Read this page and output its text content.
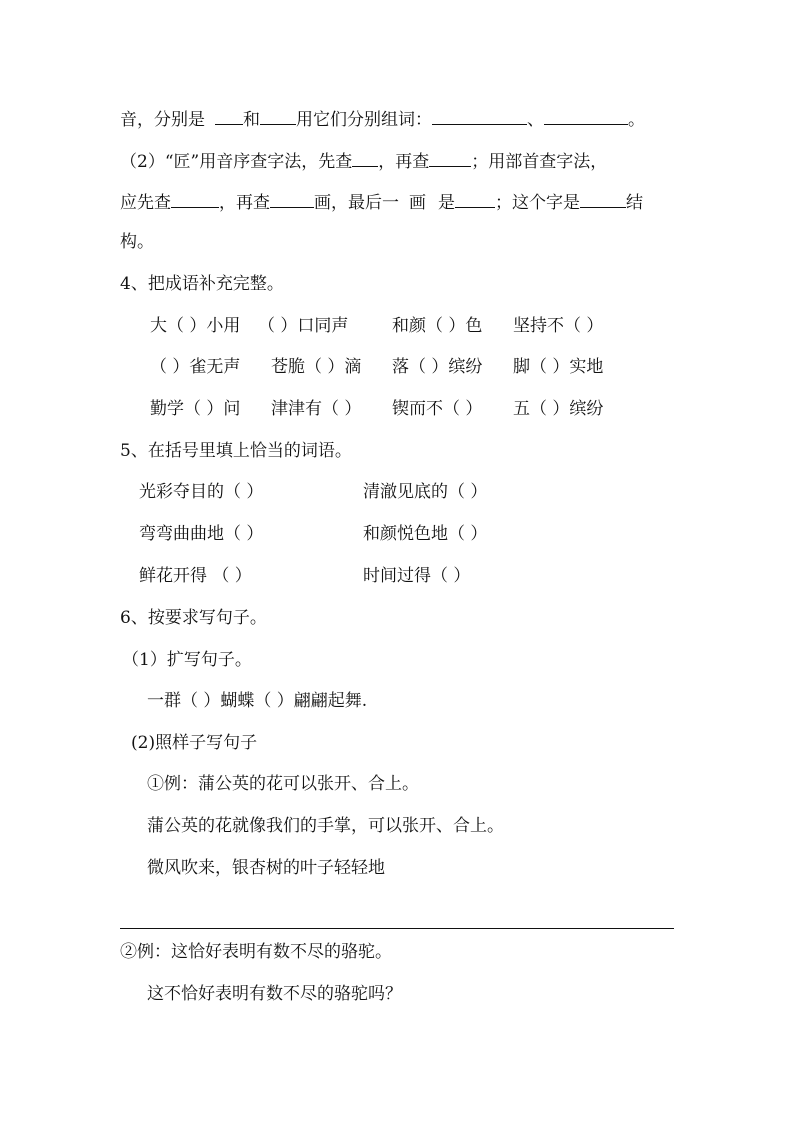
音，分别是 和 用它们分别组词：	、	。
（2）“匠”用音序查字法，先查 ，再查 ；用部首查字法，
应先查	，再查	画，最后一 画 是 ；这个字是	结
构。
4、把成语补充完整。
大（ ）小用 （ ）口同声	和颜（ ）色 坚持不（ ）
（ ）雀无声 苍脆（ ）滴 落（ ）缤纷 脚（ ）实地
勤学（ ）问 津津有（ ） 锲而不（ ） 五（ ）缤纷
5、在括号里填上恰当的词语。
光彩夺目的（ ）	清澈见底的（ ）
弯弯曲曲地（ ）	和颜悦色地（ ）
鲜花开得 （ ）	时间过得（ ）
6、按要求写句子。
（1）扩写句子。
一群（ ）蝴蝶（ ）翩翩起舞.
(2)照样子写句子
①例：蒲公英的花可以张开、合上。
蒲公英的花就像我们的手掌，可以张开、合上。
微风吹来，银杏树的叶子轻轻地
②例：这恰好表明有数不尽的骆驼。
这不恰好表明有数不尽的骆驼吗？
